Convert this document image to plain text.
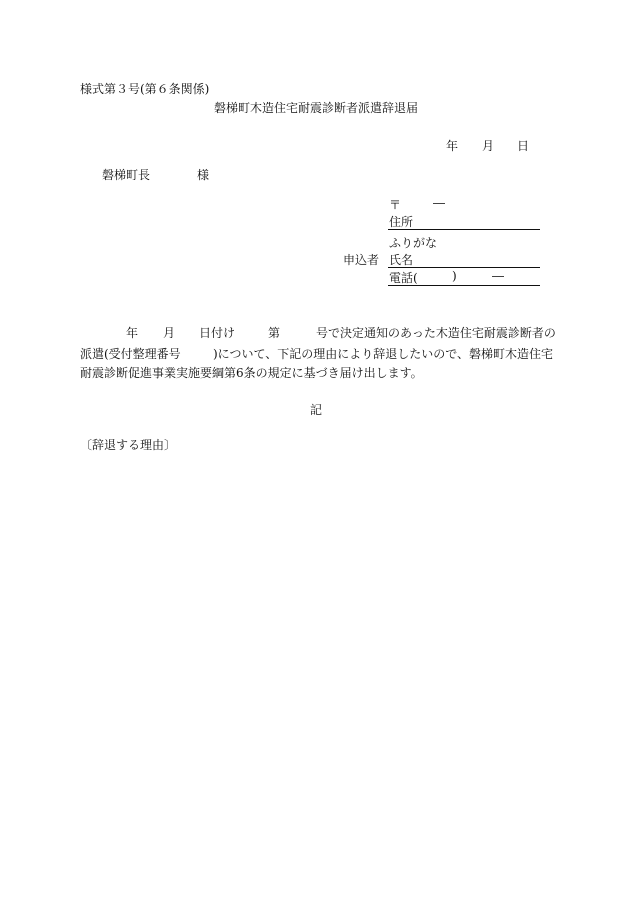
様式第３号(第６条関係)
磐梯町木造住宅耐震診断者派遣辞退届
年 月 日
磐梯町長	様
〒	―
住所
ふりがな
申込者 氏名
電話(	)	―
年 月 日付け	第	号で決定通知のあった木造住宅耐震診断者の
派遣(受付整理番号	)について、下記の理由により辞退したいので、磐梯町木造住宅
耐震診断促進事業実施要綱第6条の規定に基づき届け出します。
記
〔辞退する理由〕
